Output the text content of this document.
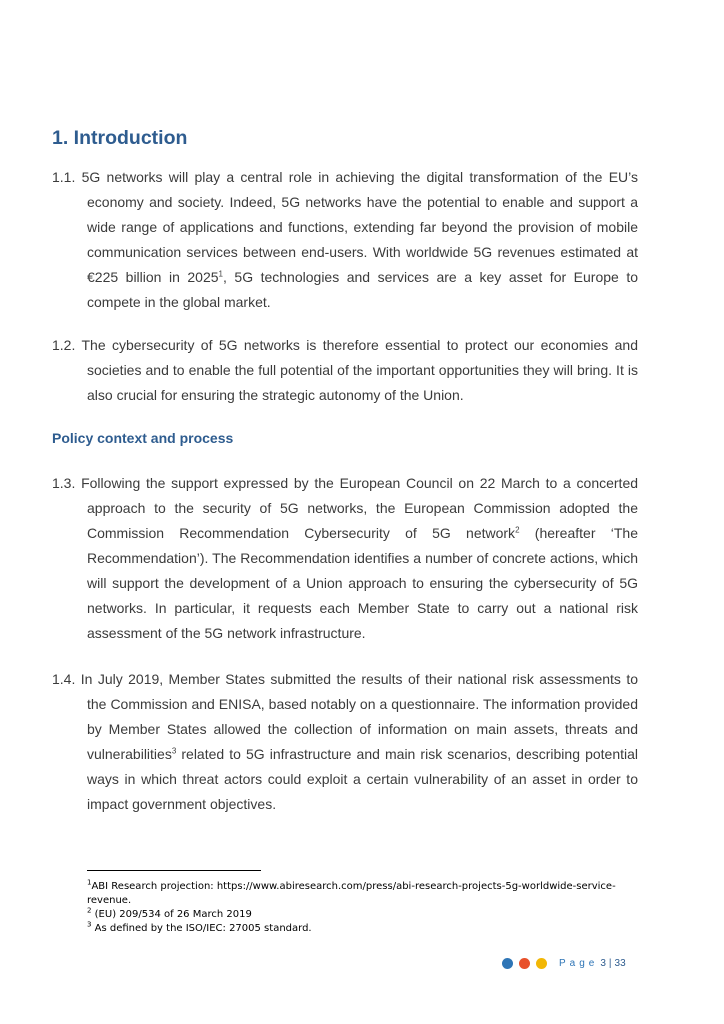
1. Introduction

1.1. 5G networks will play a central role in achieving the digital transformation of the EU’s economy and society. Indeed, 5G networks have the potential to enable and support a wide range of applications and functions, extending far beyond the provision of mobile communication services between end-users. With worldwide 5G revenues estimated at €225 billion in 2025$^1$, 5G technologies and services are a key asset for Europe to compete in the global market.

1.2. The cybersecurity of 5G networks is therefore essential to protect our economies and societies and to enable the full potential of the important opportunities they will bring. It is also crucial for ensuring the strategic autonomy of the Union.

Policy context and process

1.3. Following the support expressed by the European Council on 22 March to a concerted approach to the security of 5G networks, the European Commission adopted the Commission Recommendation Cybersecurity of 5G network$^2$ (hereafter ‘The Recommendation’). The Recommendation identifies a number of concrete actions, which will support the development of a Union approach to ensuring the cybersecurity of 5G networks. In particular, it requests each Member State to carry out a national risk assessment of the 5G network infrastructure.

1.4. In July 2019, Member States submitted the results of their national risk assessments to the Commission and ENISA, based notably on a questionnaire. The information provided by Member States allowed the collection of information on main assets, threats and vulnerabilities$^3$ related to 5G infrastructure and main risk scenarios, describing potential ways in which threat actors could exploit a certain vulnerability of an asset in order to impact government objectives.

$^1$ABI Research projection: https://www.abiresearch.com/press/abi-research-projects-5g-worldwide-service-revenue.

$^2$ (EU) 209/534 of 26 March 2019

$^3$ As defined by the ISO/IEC: 27005 standard.

Page 3 | 33
